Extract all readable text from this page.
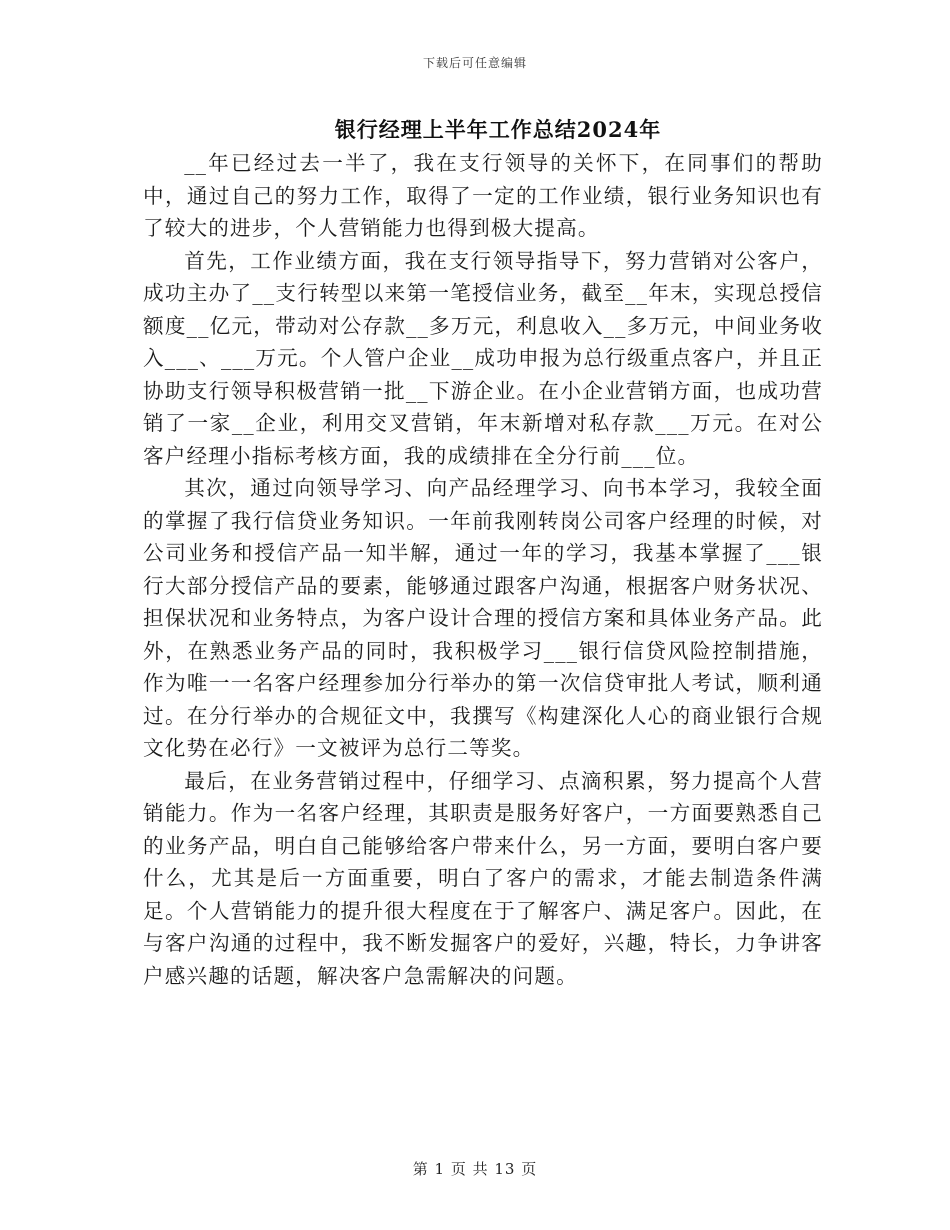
下载后可任意编辑
银行经理上半年工作总结2024年

__年已经过去一半了，我在支行领导的关怀下，在同事们的帮助中，通过自己的努力工作，取得了一定的工作业绩，银行业务知识也有了较大的进步，个人营销能力也得到极大提高。

首先，工作业绩方面，我在支行领导指导下，努力营销对公客户，成功主办了__支行转型以来第一笔授信业务，截至__年末，实现总授信额度__亿元，带动对公存款__多万元，利息收入__多万元，中间业务收入___、___万元。个人管户企业__成功申报为总行级重点客户，并且正协助支行领导积极营销一批__下游企业。在小企业营销方面，也成功营销了一家__企业，利用交叉营销，年末新增对私存款___万元。在对公客户经理小指标考核方面，我的成绩排在全分行前___位。

其次，通过向领导学习、向产品经理学习、向书本学习，我较全面的掌握了我行信贷业务知识。一年前我刚转岗公司客户经理的时候，对公司业务和授信产品一知半解，通过一年的学习，我基本掌握了___银行大部分授信产品的要素，能够通过跟客户沟通，根据客户财务状况、担保状况和业务特点，为客户设计合理的授信方案和具体业务产品。此外，在熟悉业务产品的同时，我积极学习___银行信贷风险控制措施，作为唯一一名客户经理参加分行举办的第一次信贷审批人考试，顺利通过。在分行举办的合规征文中，我撰写《构建深化人心的商业银行合规文化势在必行》一文被评为总行二等奖。

最后，在业务营销过程中，仔细学习、点滴积累，努力提高个人营销能力。作为一名客户经理，其职责是服务好客户，一方面要熟悉自己的业务产品，明白自己能够给客户带来什么，另一方面，要明白客户要什么，尤其是后一方面重要，明白了客户的需求，才能去制造条件满足。个人营销能力的提升很大程度在于了解客户、满足客户。因此，在与客户沟通的过程中，我不断发掘客户的爱好，兴趣，特长，力争讲客户感兴趣的话题，解决客户急需解决的问题。

第 1 页 共 13 页
